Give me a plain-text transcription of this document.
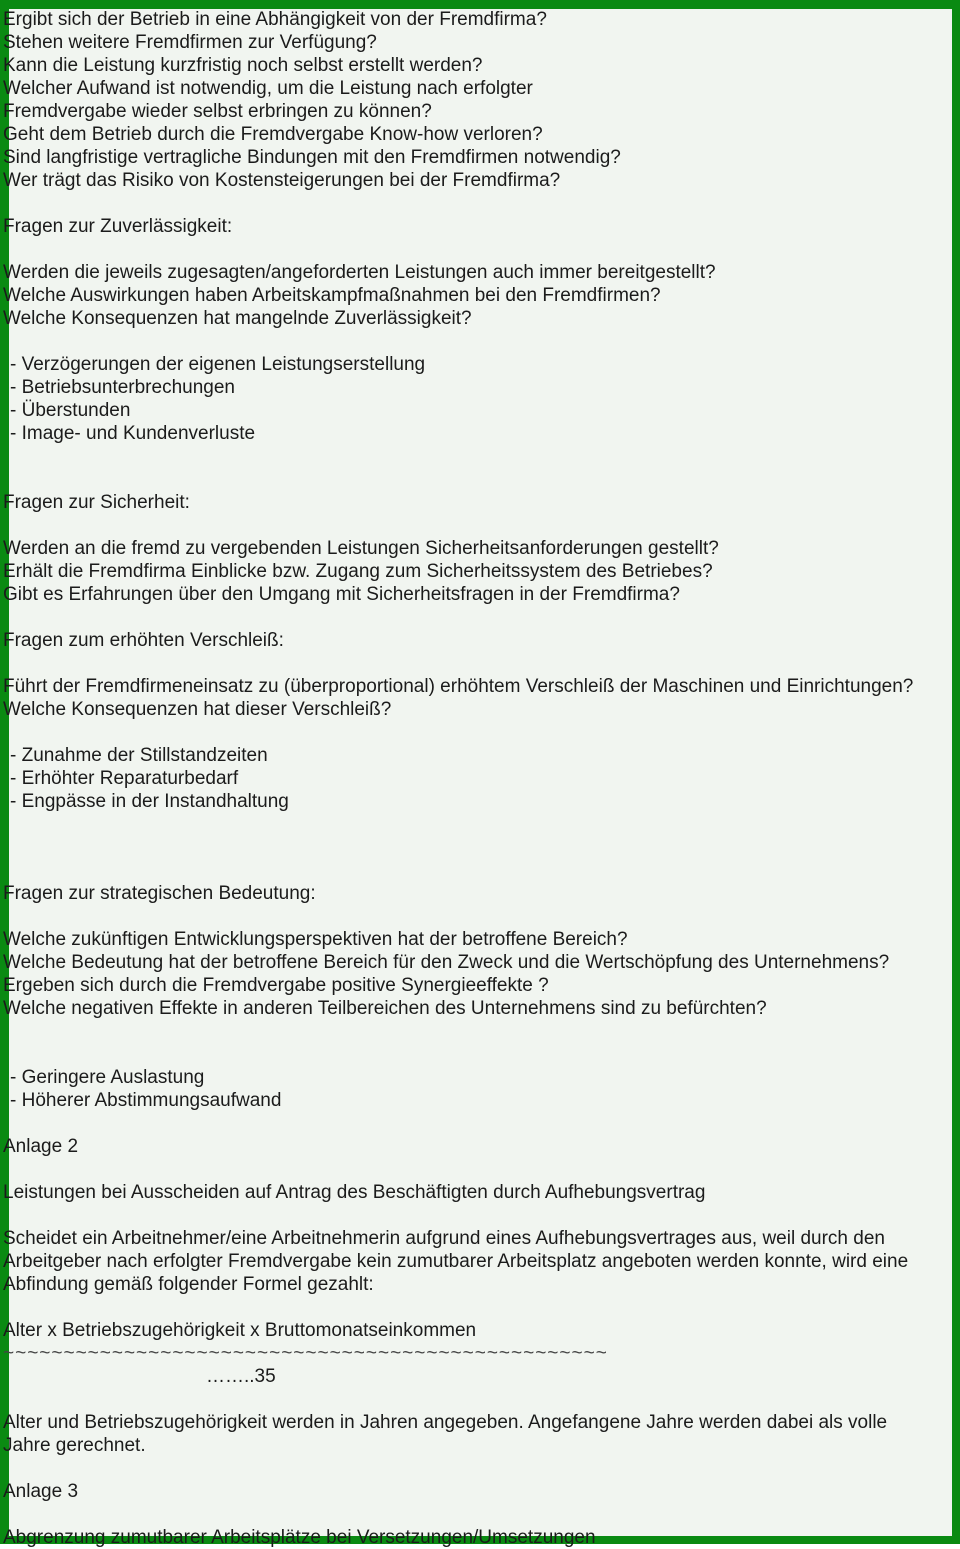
Ergibt sich der Betrieb in eine Abhängigkeit von der Fremdfirma?
Stehen weitere Fremdfirmen zur Verfügung?
Kann die Leistung kurzfristig noch selbst erstellt werden?
Welcher Aufwand ist notwendig, um die Leistung nach erfolgter
Fremdvergabe wieder selbst erbringen zu können?
Geht dem Betrieb durch die Fremdvergabe Know-how verloren?
Sind langfristige vertragliche Bindungen mit den Fremdfirmen notwendig?
Wer trägt das Risiko von Kostensteigerungen bei der Fremdfirma?
Fragen zur Zuverlässigkeit:
Werden die jeweils zugesagten/angeforderten Leistungen auch immer bereitgestellt?
Welche Auswirkungen haben Arbeitskampfmaßnahmen bei den Fremdfirmen?
Welche Konsequenzen hat mangelnde Zuverlässigkeit?
- Verzögerungen der eigenen Leistungserstellung
- Betriebsunterbrechungen
- Überstunden
- Image- und Kundenverluste
Fragen zur Sicherheit:
Werden an die fremd zu vergebenden Leistungen Sicherheitsanforderungen gestellt?
Erhält die Fremdfirma Einblicke bzw. Zugang zum Sicherheitssystem des Betriebes?
Gibt es Erfahrungen über den Umgang mit Sicherheitsfragen in der Fremdfirma?
Fragen zum erhöhten Verschleiß:
Führt der Fremdfirmeneinsatz zu (überproportional) erhöhtem Verschleiß der Maschinen und Einrichtungen?
Welche Konsequenzen hat dieser Verschleiß?
- Zunahme der Stillstandzeiten
- Erhöhter Reparaturbedarf
- Engpässe in der Instandhaltung
Fragen zur strategischen Bedeutung:
Welche zukünftigen Entwicklungsperspektiven hat der betroffene Bereich?
Welche Bedeutung hat der betroffene Bereich für den Zweck und die Wertschöpfung des Unternehmens?
Ergeben sich durch die Fremdvergabe positive Synergieeffekte ?
Welche negativen Effekte in anderen Teilbereichen des Unternehmens sind zu befürchten?
- Geringere Auslastung
- Höherer Abstimmungsaufwand
Anlage 2
Leistungen bei Ausscheiden auf Antrag des Beschäftigten durch Aufhebungsvertrag
Scheidet ein Arbeitnehmer/eine Arbeitnehmerin aufgrund eines Aufhebungsvertrages aus, weil durch den
Arbeitgeber nach erfolgter Fremdvergabe kein zumutbarer Arbeitsplatz angeboten werden konnte, wird eine
Abfindung gemäß folgender Formel gezahlt:
Alter x Betriebszugehörigkeit x Bruttomonatseinkommen
~~~~~~~~~~~~~~~~~~~~~~~~~~~~~~~~~~~~~~~~~~~~~~~~~~
……..35
Alter und Betriebszugehörigkeit werden in Jahren angegeben. Angefangene Jahre werden dabei als volle
Jahre gerechnet.
Anlage 3
Abgrenzung zumutbarer Arbeitsplätze bei Versetzungen/Umsetzungen
